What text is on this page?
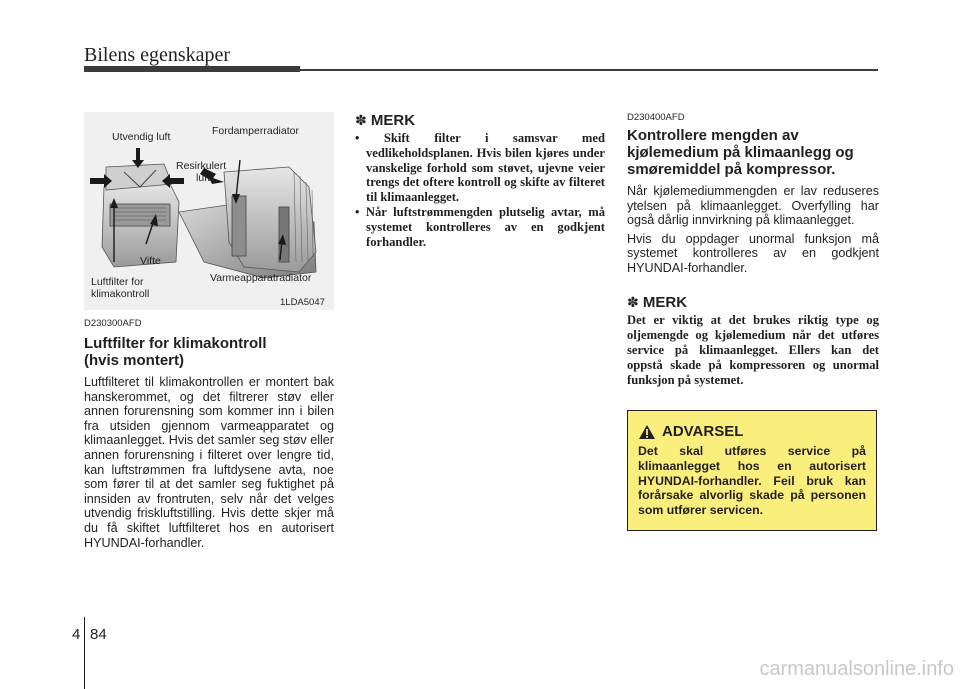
Bilens egenskaper
Utvendig luft	Fordamperradiator
Resirkulert
luft
Vifte
Luftfilter for
klimakontroll
Varmeapparatradiator
1LDA5047

D230300AFD

Luftfilter for klimakontroll
(hvis montert)

Luftfilteret til klimakontrollen er montert bak hanskerommet, og det filtrerer støv eller annen forurensning som kommer inn i bilen fra utsiden gjennom varmeapparatet og klimaanlegget. Hvis det samler seg støv eller annen forurensning i filteret over lengre tid, kan luftstrømmen fra luftdysene avta, noe som fører til at det samler seg fuktighet på innsiden av frontruten, selv når det velges utvendig friskluftstilling. Hvis dette skjer må du få skiftet luftfilteret hos en autorisert HYUNDAI-forhandler.

✽ MERK
• Skift filter i samsvar med vedlikeholdsplanen. Hvis bilen kjøres under vanskelige forhold som støvet, ujevne veier trengs det oftere kontroll og skifte av filteret til klimaanlegget.
• Når luftstrømmengden plutselig avtar, må systemet kontrolleres av en godkjent forhandler.

D230400AFD

Kontrollere mengden av
kjølemedium på klimaanlegg og
smøremiddel på kompressor.

Når kjølemediummengden er lav reduseres ytelsen på klimaanlegget. Overfylling har også dårlig innvirkning på klimaanlegget.

Hvis du oppdager unormal funksjon må systemet kontrolleres av en godkjent HYUNDAI-forhandler.

✽ MERK

Det er viktig at det brukes riktig type og oljemengde og kjølemedium når det utføres service på klimaanlegget. Ellers kan det oppstå skade på kompressoren og unormal funksjon på systemet.

ADVARSEL

Det skal utføres service på klimaanlegget hos en autorisert HYUNDAI-forhandler. Feil bruk kan forårsake alvorlig skade på personen som utfører servicen.

4 84
carmanualsonline.info
